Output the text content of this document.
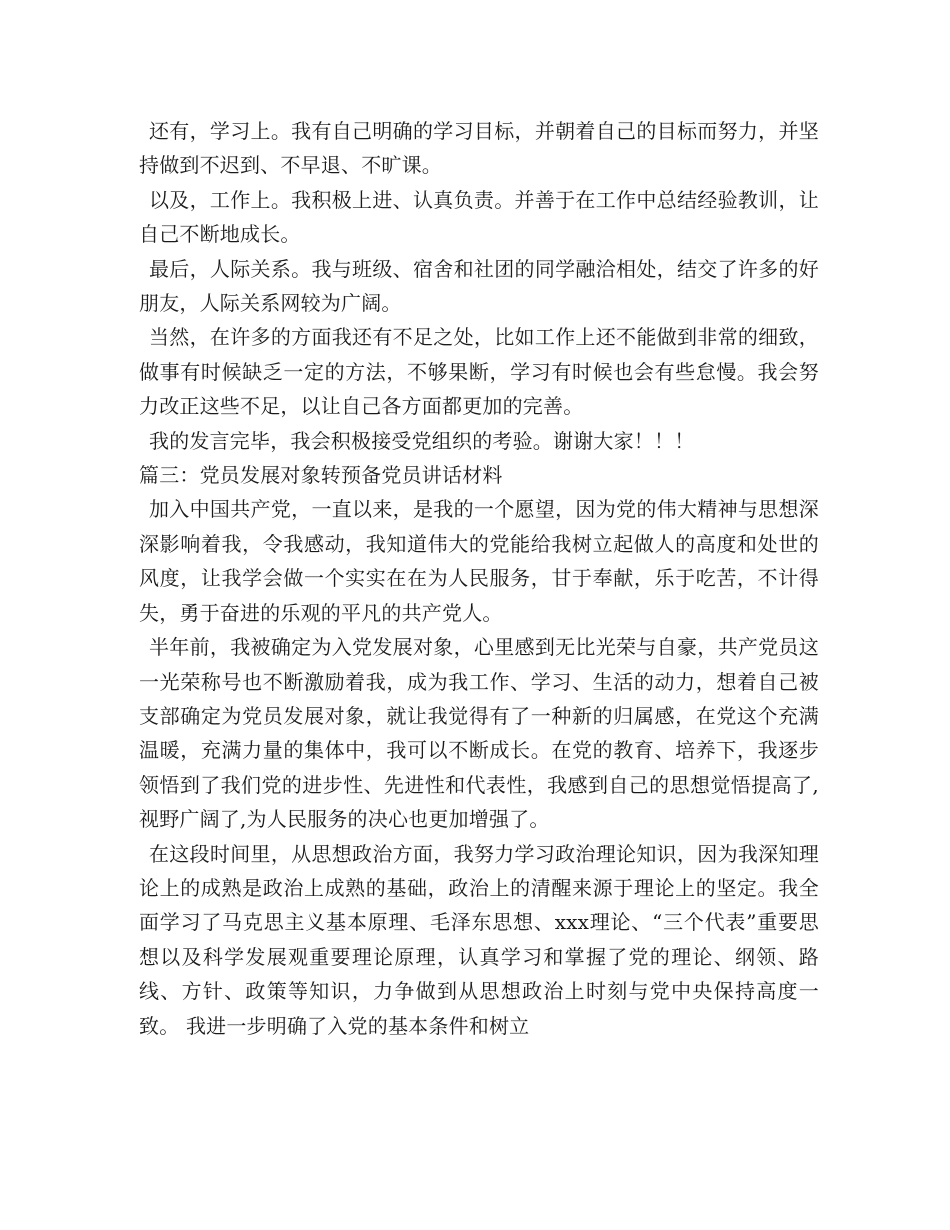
还有，学习上。我有自己明确的学习目标，并朝着自己的目标而努力，并坚持做到不迟到、不早退、不旷课。

以及，工作上。我积极上进、认真负责。并善于在工作中总结经验教训，让自己不断地成长。

最后，人际关系。我与班级、宿舍和社团的同学融洽相处，结交了许多的好朋友，人际关系网较为广阔。

当然，在许多的方面我还有不足之处，比如工作上还不能做到非常的细致，做事有时候缺乏一定的方法，不够果断，学习有时候也会有些怠慢。我会努力改正这些不足，以让自己各方面都更加的完善。

我的发言完毕，我会积极接受党组织的考验。谢谢大家！！！

篇三：党员发展对象转预备党员讲话材料

加入中国共产党，一直以来，是我的一个愿望，因为党的伟大精神与思想深深影响着我，令我感动，我知道伟大的党能给我树立起做人的高度和处世的风度，让我学会做一个实实在在为人民服务，甘于奉献，乐于吃苦，不计得失，勇于奋进的乐观的平凡的共产党人。

半年前，我被确定为入党发展对象，心里感到无比光荣与自豪，共产党员这一光荣称号也不断激励着我，成为我工作、学习、生活的动力，想着自己被支部确定为党员发展对象，就让我觉得有了一种新的归属感，在党这个充满温暖，充满力量的集体中，我可以不断成长。在党的教育、培养下，我逐步领悟到了我们党的进步性、先进性和代表性，我感到自己的思想觉悟提高了,视野广阔了,为人民服务的决心也更加增强了。

在这段时间里，从思想政治方面，我努力学习政治理论知识，因为我深知理论上的成熟是政治上成熟的基础，政治上的清醒来源于理论上的坚定。我全面学习了马克思主义基本原理、毛泽东思想、xxx理论、“三个代表”重要思想以及科学发展观重要理论原理，认真学习和掌握了党的理论、纲领、路线、方针、政策等知识，力争做到从思想政治上时刻与党中央保持高度一致。 我进一步明确了入党的基本条件和树立
